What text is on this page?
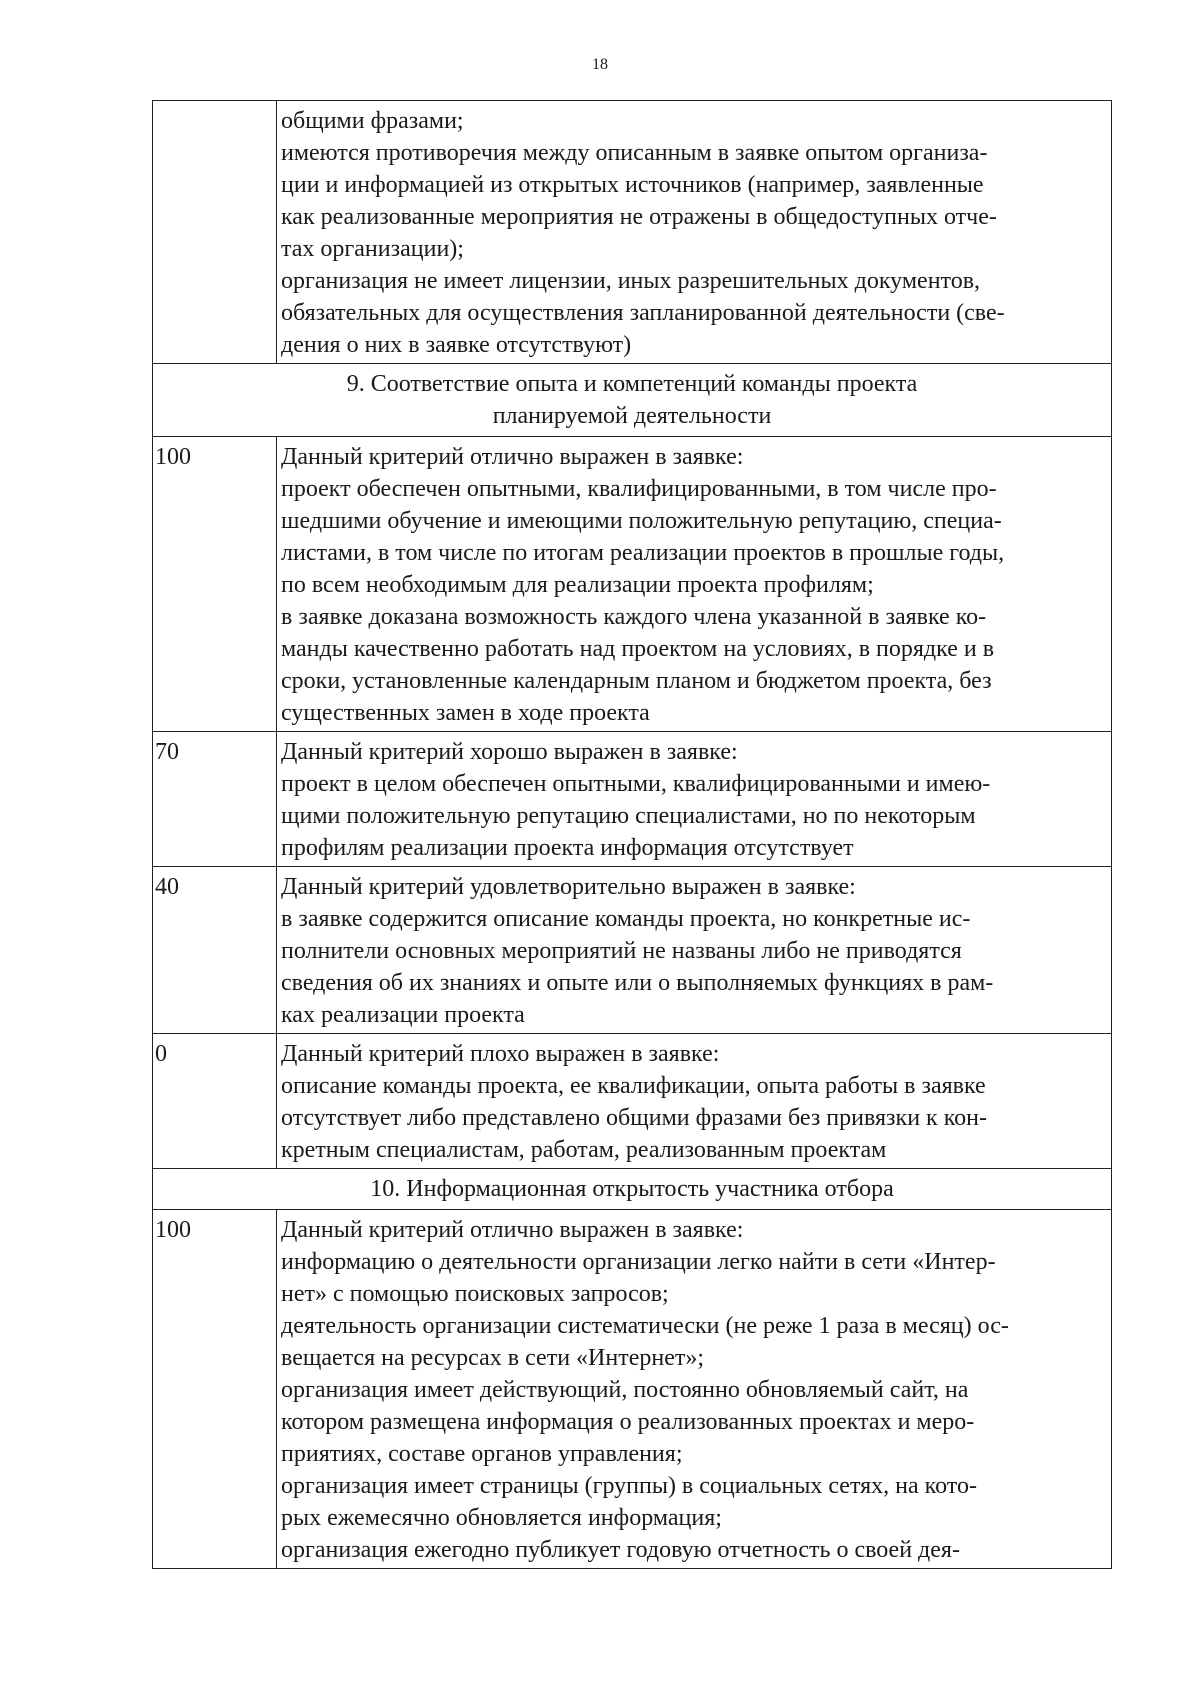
18

общими фразами;

имеются противоречия между описанным в заявке опытом организа-

ции и информацией из открытых источников (например, заявленные

как реализованные мероприятия не отражены в общедоступных отче-

тах организации);

организация не имеет лицензии, иных разрешительных документов,

обязательных для осуществления запланированной деятельности (све-

дения о них в заявке отсутствуют)

9. Соответствие опыта и компетенций команды проекта

планируемой деятельности

100	Данный критерий отлично выражен в заявке:

проект обеспечен опытными, квалифицированными, в том числе про-

шедшими обучение и имеющими положительную репутацию, специа-

листами, в том числе по итогам реализации проектов в прошлые годы,

по всем необходимым для реализации проекта профилям;

в заявке доказана возможность каждого члена указанной в заявке ко-

манды качественно работать над проектом на условиях, в порядке и в

сроки, установленные календарным планом и бюджетом проекта, без

существенных замен в ходе проекта

70	Данный критерий хорошо выражен в заявке:

проект в целом обеспечен опытными, квалифицированными и имею-

щими положительную репутацию специалистами, но по некоторым

профилям реализации проекта информация отсутствует

40	Данный критерий удовлетворительно выражен в заявке:

в заявке содержится описание команды проекта, но конкретные ис-

полнители основных мероприятий не названы либо не приводятся

сведения об их знаниях и опыте или о выполняемых функциях в рам-

ках реализации проекта

0	Данный критерий плохо выражен в заявке:

описание команды проекта, ее квалификации, опыта работы в заявке

отсутствует либо представлено общими фразами без привязки к кон-

кретным специалистам, работам, реализованным проектам

10. Информационная открытость участника отбора

100	Данный критерий отлично выражен в заявке:

информацию о деятельности организации легко найти в сети «Интер-

нет» с помощью поисковых запросов;

деятельность организации систематически (не реже 1 раза в месяц) ос-

вещается на ресурсах в сети «Интернет»;

организация имеет действующий, постоянно обновляемый сайт, на

котором размещена информация о реализованных проектах и меро-

приятиях, составе органов управления;

организация имеет страницы (группы) в социальных сетях, на кото-

рых ежемесячно обновляется информация;

организация ежегодно публикует годовую отчетность о своей дея-
